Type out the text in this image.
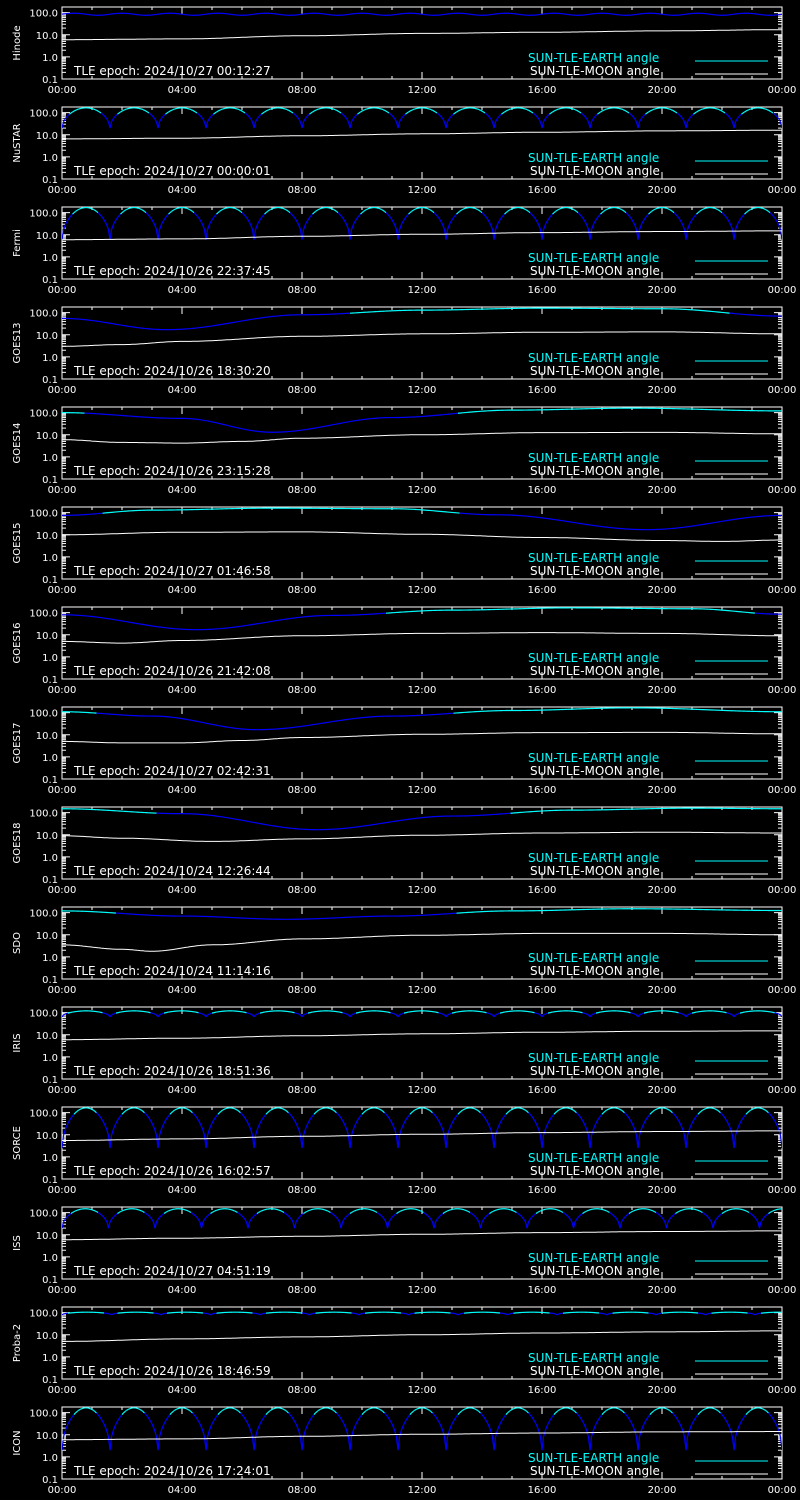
0.1
1.0
10.0
100.0
00:00	04:00	08:00	12:00	16:00	20:00	00:00
Hinode
TLE epoch: 2024/10/27 00:12:27
SUN-TLE-EARTH angle
SUN-TLE-MOON angle
0.1
1.0
10.0
100.0
00:00	04:00	08:00	12:00	16:00	20:00	00:00
NuSTAR
TLE epoch: 2024/10/27 00:00:01
SUN-TLE-EARTH angle
SUN-TLE-MOON angle
0.1
1.0
10.0
100.0
00:00	04:00	08:00	12:00	16:00	20:00	00:00
Fermi
TLE epoch: 2024/10/26 22:37:45
SUN-TLE-EARTH angle
SUN-TLE-MOON angle
0.1
1.0
10.0
100.0
00:00	04:00	08:00	12:00	16:00	20:00	00:00
GOES13
TLE epoch: 2024/10/26 18:30:20
SUN-TLE-EARTH angle
SUN-TLE-MOON angle
0.1
1.0
10.0
100.0
00:00	04:00	08:00	12:00	16:00	20:00	00:00
GOES14
TLE epoch: 2024/10/26 23:15:28
SUN-TLE-EARTH angle
SUN-TLE-MOON angle
0.1
1.0
10.0
100.0
00:00	04:00	08:00	12:00	16:00	20:00	00:00
GOES15
TLE epoch: 2024/10/27 01:46:58
SUN-TLE-EARTH angle
SUN-TLE-MOON angle
0.1
1.0
10.0
100.0
00:00	04:00	08:00	12:00	16:00	20:00	00:00
GOES16
TLE epoch: 2024/10/26 21:42:08
SUN-TLE-EARTH angle
SUN-TLE-MOON angle
0.1
1.0
10.0
100.0
00:00	04:00	08:00	12:00	16:00	20:00	00:00
GOES17
TLE epoch: 2024/10/27 02:42:31
SUN-TLE-EARTH angle
SUN-TLE-MOON angle
0.1
1.0
10.0
100.0
00:00	04:00	08:00	12:00	16:00	20:00	00:00
GOES18
TLE epoch: 2024/10/24 12:26:44
SUN-TLE-EARTH angle
SUN-TLE-MOON angle
0.1
1.0
10.0
100.0
00:00	04:00	08:00	12:00	16:00	20:00	00:00
SDO
TLE epoch: 2024/10/24 11:14:16
SUN-TLE-EARTH angle
SUN-TLE-MOON angle
0.1
1.0
10.0
100.0
00:00	04:00	08:00	12:00	16:00	20:00	00:00
IRIS
TLE epoch: 2024/10/26 18:51:36
SUN-TLE-EARTH angle
SUN-TLE-MOON angle
0.1
1.0
10.0
100.0
00:00	04:00	08:00	12:00	16:00	20:00	00:00
SORCE
TLE epoch: 2024/10/26 16:02:57
SUN-TLE-EARTH angle
SUN-TLE-MOON angle
0.1
1.0
10.0
100.0
00:00	04:00	08:00	12:00	16:00	20:00	00:00
ISS
TLE epoch: 2024/10/27 04:51:19
SUN-TLE-EARTH angle
SUN-TLE-MOON angle
0.1
1.0
10.0
100.0
00:00	04:00	08:00	12:00	16:00	20:00	00:00
Proba-2
TLE epoch: 2024/10/26 18:46:59
SUN-TLE-EARTH angle
SUN-TLE-MOON angle
0.1
1.0
10.0
100.0
00:00	04:00	08:00	12:00	16:00	20:00	00:00
ICON
TLE epoch: 2024/10/26 17:24:01
SUN-TLE-EARTH angle
SUN-TLE-MOON angle
